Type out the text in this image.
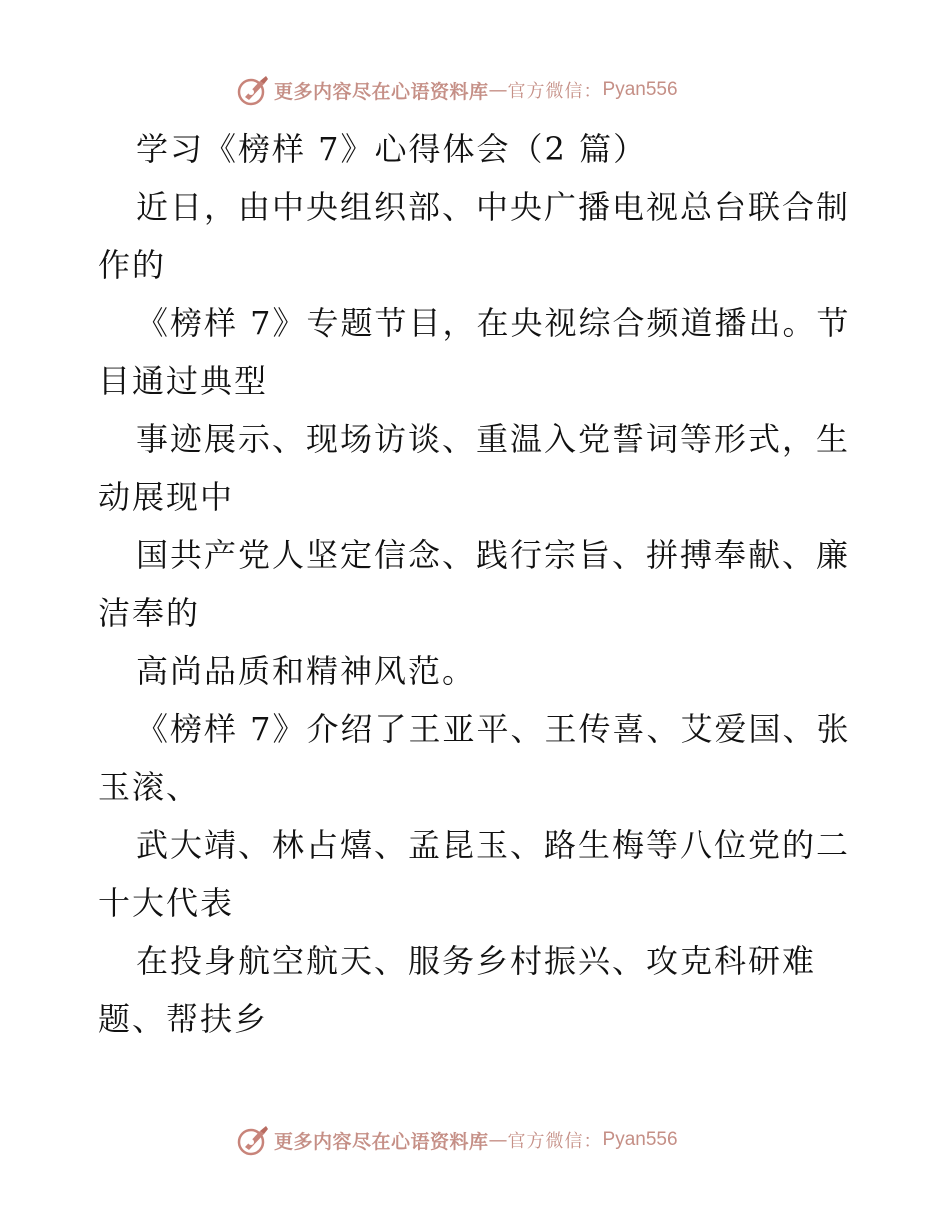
更多内容尽在心语资料库 — 官方微信： Pyan556
学习《榜样 7》心得体会（2 篇）
近日，由中央组织部、中央广播电视总台联合制
作的
《榜样 7》专题节目，在央视综合频道播出。节
目通过典型
事迹展示、现场访谈、重温入党誓词等形式，生
动展现中
国共产党人坚定信念、践行宗旨、拼搏奉献、廉
洁奉的
高尚品质和精神风范。
《榜样 7》介绍了王亚平、王传喜、艾爱国、张
玉滚、
武大靖、林占熺、孟昆玉、路生梅等八位党的二
十大代表
在投身航空航天、服务乡村振兴、攻克科研难
题、帮扶乡
更多内容尽在心语资料库 — 官方微信： Pyan556
